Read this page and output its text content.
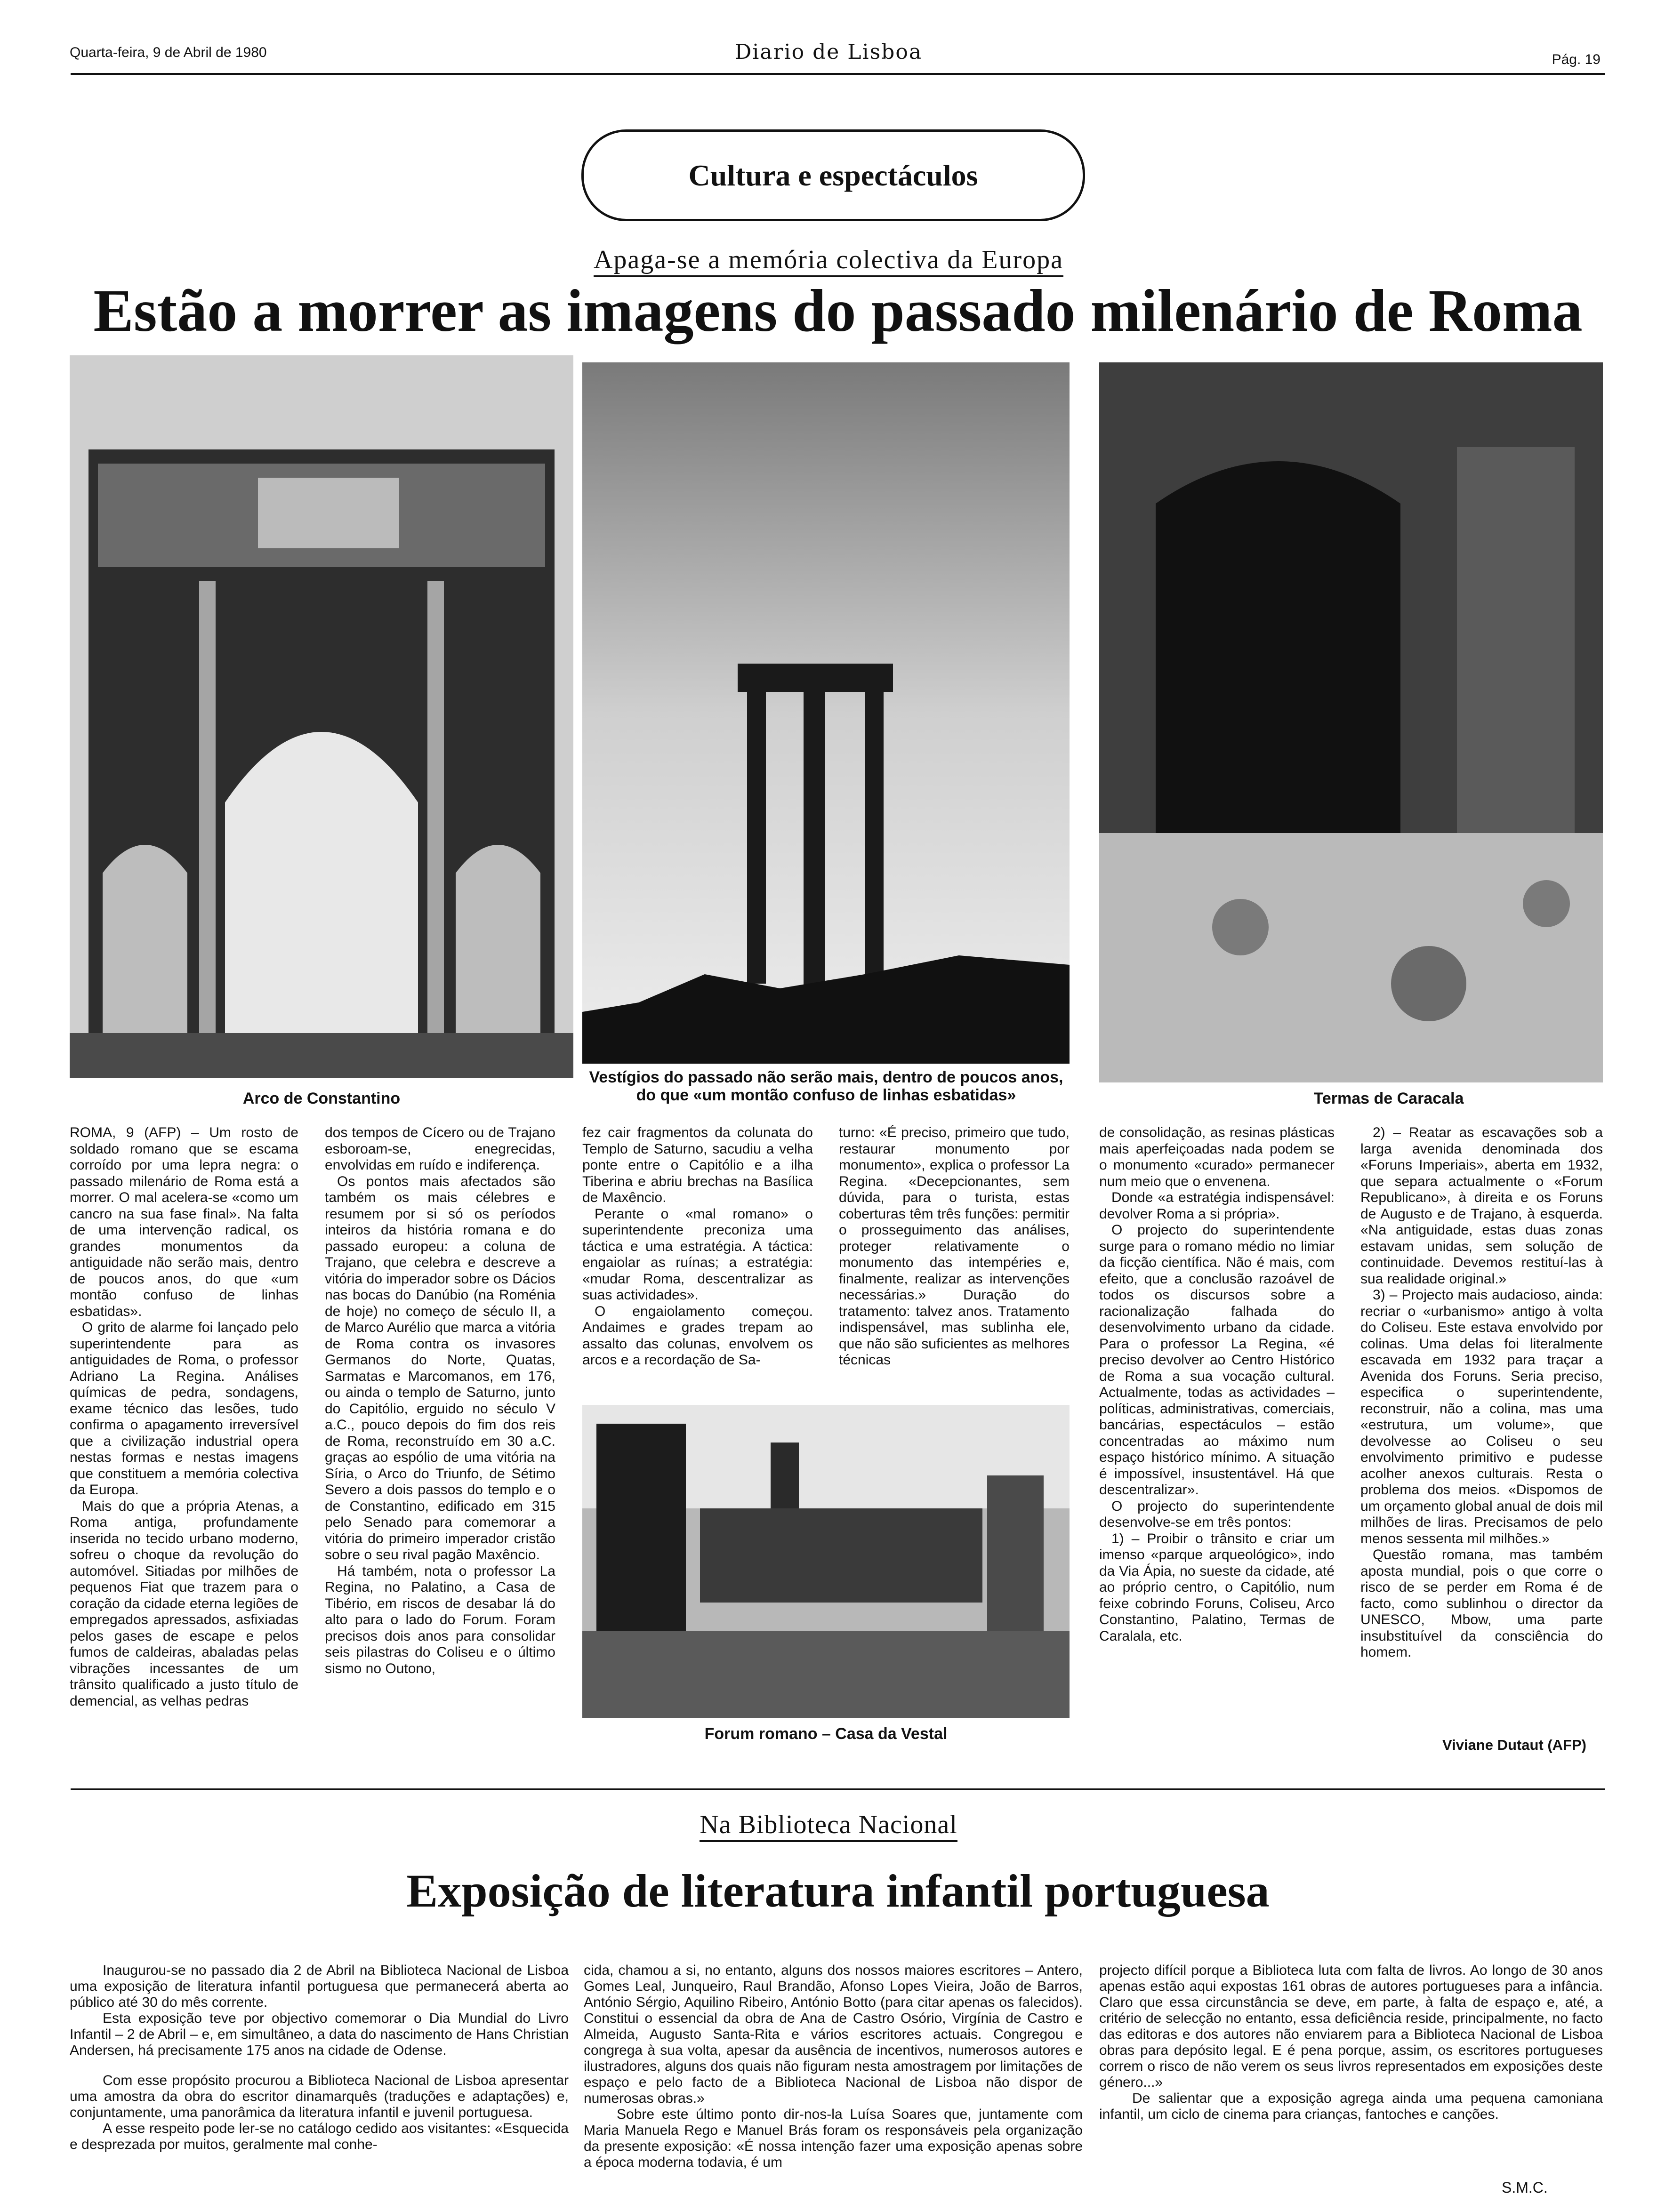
Quarta-feira, 9 de Abril de 1980	Diario de Lisboa	Pág. 19
Cultura e espectáculos
Apaga-se a memória colectiva da Europa
Estão a morrer as imagens do passado milenário de Roma
Arco de Constantino
Vestígios do passado não serão mais, dentro de poucos anos, do que «um montão confuso de linhas esbatidas»	Termas de Caracala
Forum romano – Casa da Vestal

ROMA, 9 (AFP) – Um rosto de soldado romano que se escama corroído por uma lepra negra: o passado milenário de Roma está a morrer. O mal acelera-se «como um cancro na sua fase final». Na falta de uma intervenção radical, os grandes monumentos da antiguidade não serão mais, dentro de poucos anos, do que «um montão confuso de linhas esbatidas».

O grito de alarme foi lançado pelo superintendente para as antiguidades de Roma, o professor Adriano La Regina. Análises químicas de pedra, sondagens, exame técnico das lesões, tudo confirma o apagamento irreversível que a civilização industrial opera nestas formas e nestas imagens que constituem a memória colectiva da Europa.

Mais do que a própria Atenas, a Roma antiga, profundamente inserida no tecido urbano moderno, sofreu o choque da revolução do automóvel. Sitiadas por milhões de pequenos Fiat que trazem para o coração da cidade eterna legiões de empregados apressados, asfixiadas pelos gases de escape e pelos fumos de caldeiras, abaladas pelas vibrações incessantes de um trânsito qualificado a justo título de demencial, as velhas pedras

dos tempos de Cícero ou de Trajano esboroam-se, enegrecidas, envolvidas em ruído e indiferença.

Os pontos mais afectados são também os mais célebres e resumem por si só os períodos inteiros da história romana e do passado europeu: a coluna de Trajano, que celebra e descreve a vitória do imperador sobre os Dácios nas bocas do Danúbio (na Roménia de hoje) no começo de século II, a de Marco Aurélio que marca a vitória de Roma contra os invasores Germanos do Norte, Quatas, Sarmatas e Marcomanos, em 176, ou ainda o templo de Saturno, junto do Capitólio, erguido no século V a.C., pouco depois do fim dos reis de Roma, reconstruído em 30 a.C. graças ao espólio de uma vitória na Síria, o Arco do Triunfo, de Sétimo Severo a dois passos do templo e o de Constantino, edificado em 315 pelo Senado para comemorar a vitória do primeiro imperador cristão sobre o seu rival pagão Maxêncio.

Há também, nota o professor La Regina, no Palatino, a Casa de Tibério, em riscos de desabar lá do alto para o lado do Forum. Foram precisos dois anos para consolidar seis pilastras do Coliseu e o último sismo no Outono,

fez cair fragmentos da colunata do Templo de Saturno, sacudiu a velha ponte entre o Capitólio e a ilha Tiberina e abriu brechas na Basílica de Maxêncio.

Perante o «mal romano» o superintendente preconiza uma táctica e uma estratégia. A táctica: engaiolar as ruínas; a estratégia: «mudar Roma, descentralizar as suas actividades».

O engaiolamento começou. Andaimes e grades trepam ao assalto das colunas, envolvem os arcos e a recordação de Sa-

turno: «É preciso, primeiro que tudo, restaurar monumento por monumento», explica o professor La Regina. «Decepcionantes, sem dúvida, para o turista, estas coberturas têm três funções: permitir o prosseguimento das análises, proteger relativamente o monumento das intempéries e, finalmente, realizar as intervenções necessárias.» Duração do tratamento: talvez anos. Tratamento indispensável, mas sublinha ele, que não são suficientes as melhores técnicas

de consolidação, as resinas plásticas mais aperfeiçoadas nada podem se o monumento «curado» permanecer num meio que o envenena.

Donde «a estratégia indispensável: devolver Roma a si própria».

O projecto do superintendente surge para o romano médio no limiar da ficção científica. Não é mais, com efeito, que a conclusão razoável de todos os discursos sobre a racionalização falhada do desenvolvimento urbano da cidade. Para o professor La Regina, «é preciso devolver ao Centro Histórico de Roma a sua vocação cultural. Actualmente, todas as actividades – políticas, administrativas, comerciais, bancárias, espectáculos – estão concentradas ao máximo num espaço histórico mínimo. A situação é impossível, insustentável. Há que descentralizar».

O projecto do superintendente desenvolve-se em três pontos:

1) – Proibir o trânsito e criar um imenso «parque arqueológico», indo da Via Ápia, no sueste da cidade, até ao próprio centro, o Capitólio, num feixe cobrindo Foruns, Coliseu, Arco Constantino, Palatino, Termas de Caralala, etc.

2) – Reatar as escavações sob a larga avenida denominada dos «Foruns Imperiais», aberta em 1932, que separa actualmente o «Forum Republicano», à direita e os Foruns de Augusto e de Trajano, à esquerda. «Na antiguidade, estas duas zonas estavam unidas, sem solução de continuidade. Devemos restituí-las à sua realidade original.»

3) – Projecto mais audacioso, ainda: recriar o «urbanismo» antigo à volta do Coliseu. Este estava envolvido por colinas. Uma delas foi literalmente escavada em 1932 para traçar a Avenida dos Foruns. Seria preciso, especifica o superintendente, reconstruir, não a colina, mas uma «estrutura, um volume», que devolvesse ao Coliseu o seu envolvimento primitivo e pudesse acolher anexos culturais. Resta o problema dos meios. «Dispomos de um orçamento global anual de dois mil milhões de liras. Precisamos de pelo menos sessenta mil milhões.»

Questão romana, mas também aposta mundial, pois o que corre o risco de se perder em Roma é de facto, como sublinhou o director da UNESCO, Mbow, uma parte insubstituível da consciência do homem.

Viviane Dutaut (AFP)
Na Biblioteca Nacional
Exposição de literatura infantil portuguesa

Inaugurou-se no passado dia 2 de Abril na Biblioteca Nacional de Lisboa uma exposição de literatura infantil portuguesa que permanecerá aberta ao público até 30 do mês corrente.

Esta exposição teve por objectivo comemorar o Dia Mundial do Livro Infantil – 2 de Abril – e, em simultâneo, a data do nascimento de Hans Christian Andersen, há precisamente 175 anos na cidade de Odense.

Com esse propósito procurou a Biblioteca Nacional de Lisboa apresentar uma amostra da obra do escritor dinamarquês (traduções e adaptações) e, conjuntamente, uma panorâmica da literatura infantil e juvenil portuguesa.

A esse respeito pode ler-se no catálogo cedido aos visitantes: «Esquecida e desprezada por muitos, geralmente mal conhe-

cida, chamou a si, no entanto, alguns dos nossos maiores escritores – Antero, Gomes Leal, Junqueiro, Raul Brandão, Afonso Lopes Vieira, João de Barros, António Sérgio, Aquilino Ribeiro, António Botto (para citar apenas os falecidos). Constitui o essencial da obra de Ana de Castro Osório, Virgínia de Castro e Almeida, Augusto Santa-Rita e vários escritores actuais. Congregou e congrega à sua volta, apesar da ausência de incentivos, numerosos autores e ilustradores, alguns dos quais não figuram nesta amostragem por limitações de espaço e pelo facto de a Biblioteca Nacional de Lisboa não dispor de numerosas obras.»

Sobre este último ponto dir-nos-la Luísa Soares que, juntamente com Maria Manuela Rego e Manuel Brás foram os responsáveis pela organização da presente exposição: «É nossa intenção fazer uma exposição apenas sobre a época moderna todavia, é um

projecto difícil porque a Biblioteca luta com falta de livros. Ao longo de 30 anos apenas estão aqui expostas 161 obras de autores portugueses para a infância. Claro que essa circunstância se deve, em parte, à falta de espaço e, até, a critério de selecção no entanto, essa deficiência reside, principalmente, no facto das editoras e dos autores não enviarem para a Biblioteca Nacional de Lisboa obras para depósito legal. E é pena porque, assim, os escritores portugueses correm o risco de não verem os seus livros representados em exposições deste género...»

De salientar que a exposição agrega ainda uma pequena camoniana infantil, um ciclo de cinema para crianças, fantoches e canções.

S.M.C.
